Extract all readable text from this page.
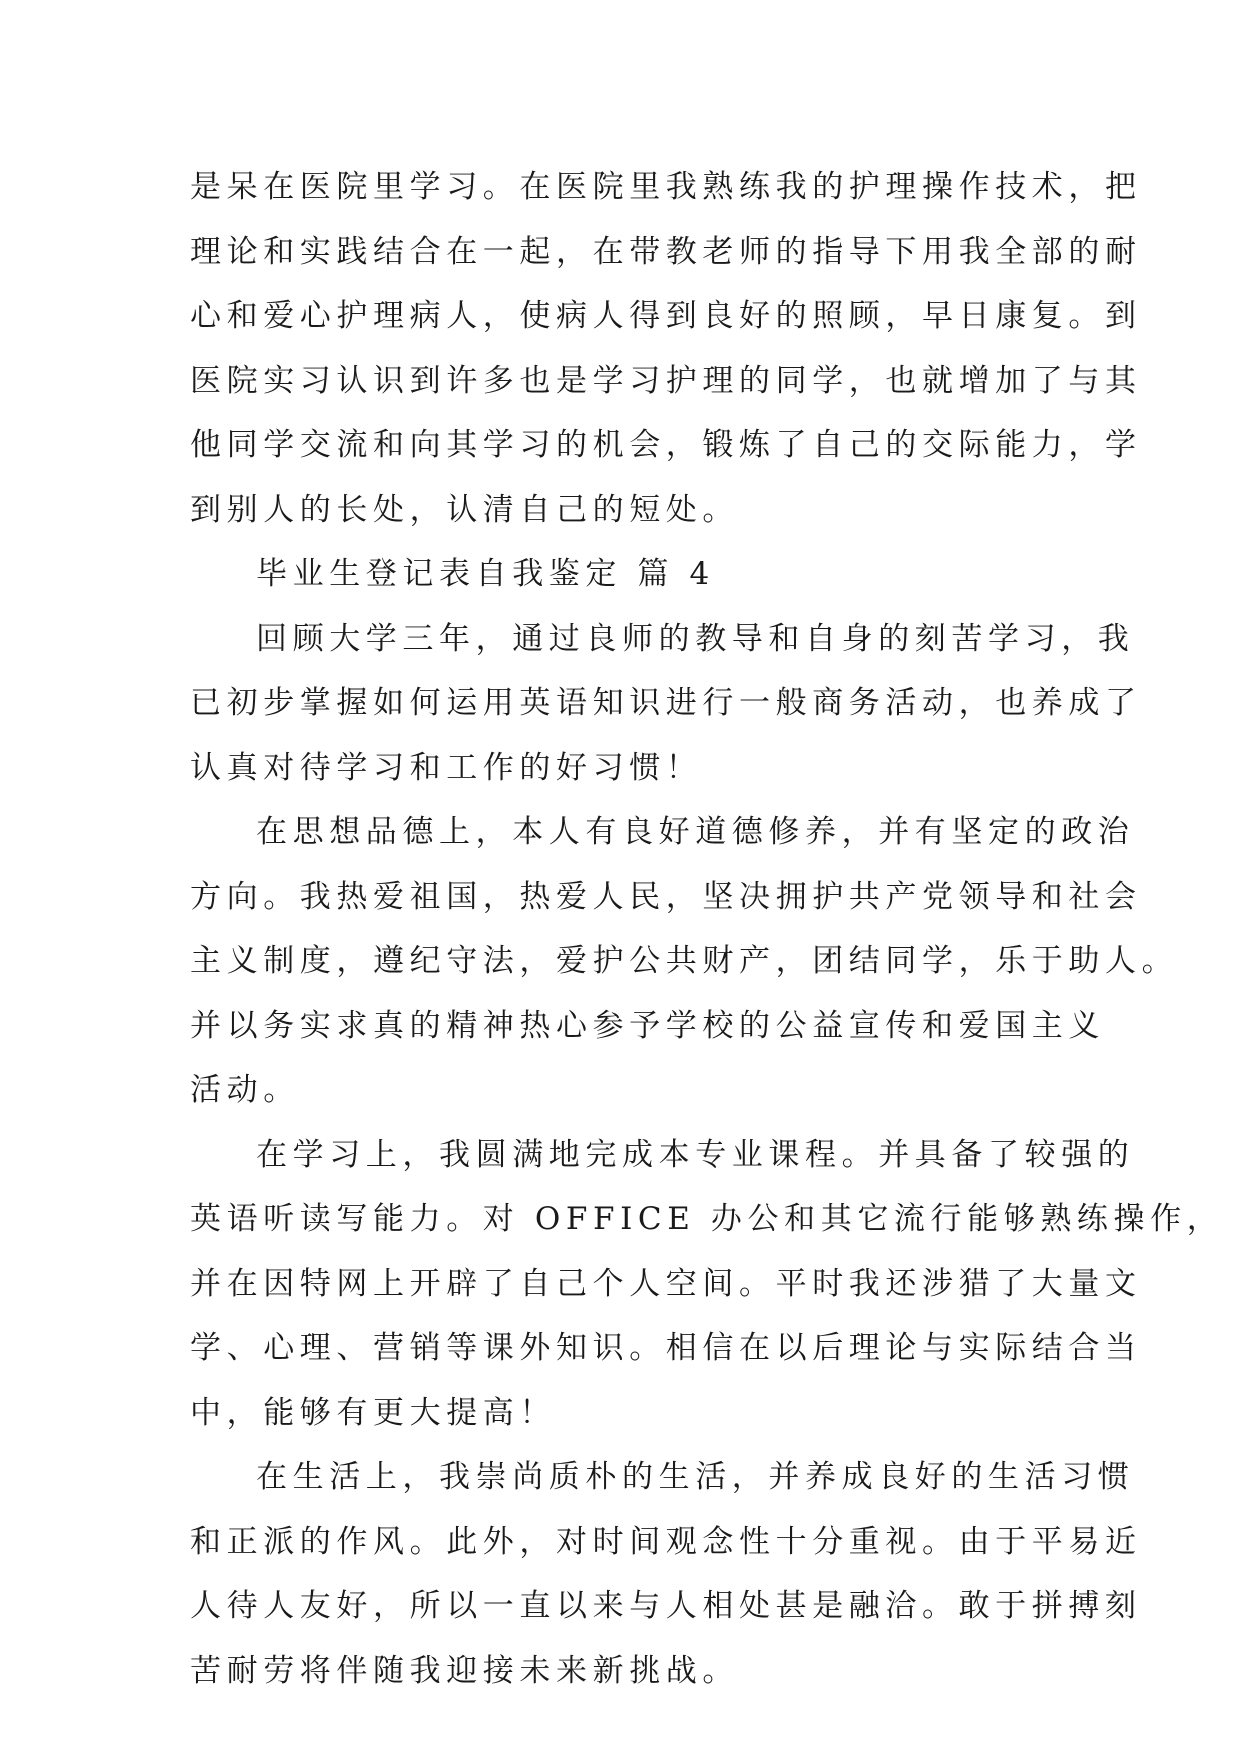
是呆在医院里学习。在医院里我熟练我的护理操作技术，把
理论和实践结合在一起，在带教老师的指导下用我全部的耐
心和爱心护理病人，使病人得到良好的照顾，早日康复。到
医院实习认识到许多也是学习护理的同学，也就增加了与其
他同学交流和向其学习的机会，锻炼了自己的交际能力，学
到别人的长处，认清自己的短处。
毕业生登记表自我鉴定 篇 4
回顾大学三年，通过良师的教导和自身的刻苦学习，我
已初步掌握如何运用英语知识进行一般商务活动，也养成了
认真对待学习和工作的好习惯！
在思想品德上，本人有良好道德修养，并有坚定的政治
方向。我热爱祖国，热爱人民，坚决拥护共产党领导和社会
主义制度，遵纪守法，爱护公共财产，团结同学，乐于助人。
并以务实求真的精神热心参予学校的公益宣传和爱国主义
活动。
在学习上，我圆满地完成本专业课程。并具备了较强的
英语听读写能力。对 OFFICE 办公和其它流行能够熟练操作，
并在因特网上开辟了自己个人空间。平时我还涉猎了大量文
学、心理、营销等课外知识。相信在以后理论与实际结合当
中，能够有更大提高！
在生活上，我崇尚质朴的生活，并养成良好的生活习惯
和正派的作风。此外，对时间观念性十分重视。由于平易近
人待人友好，所以一直以来与人相处甚是融洽。敢于拼搏刻
苦耐劳将伴随我迎接未来新挑战。
